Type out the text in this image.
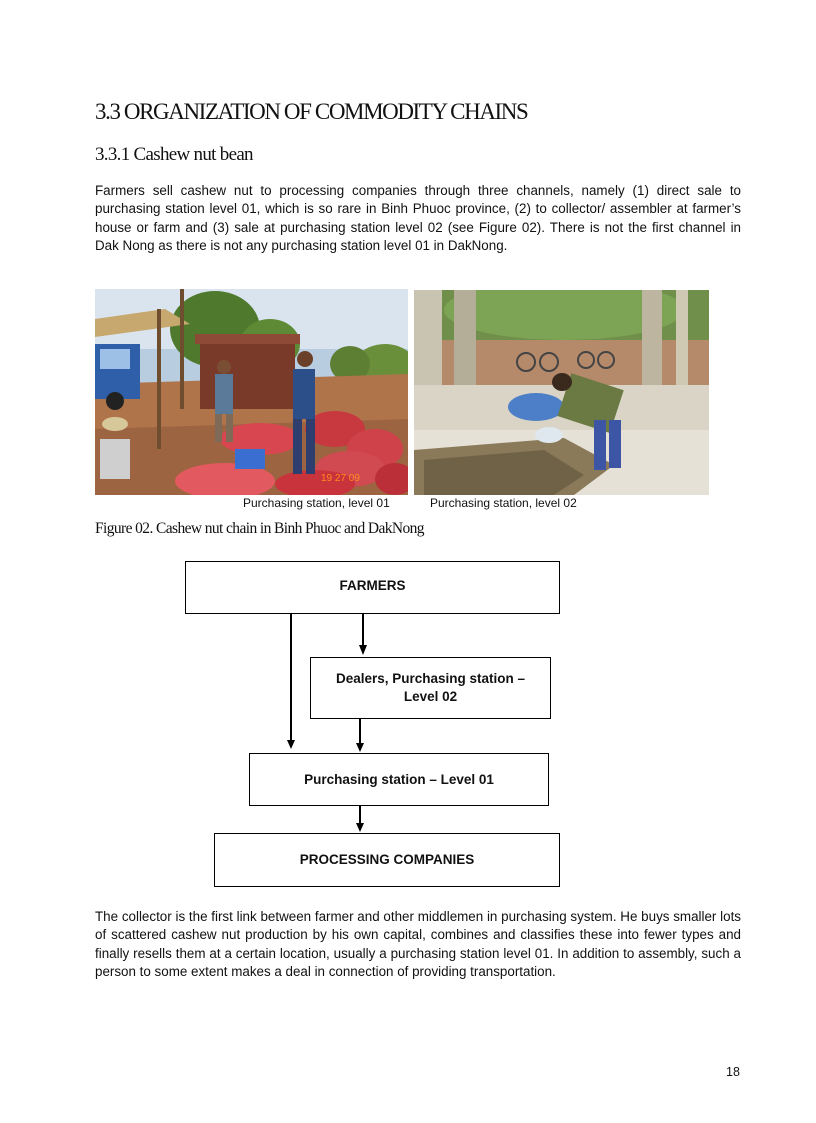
3.3 ORGANIZATION OF COMMODITY CHAINS
3.3.1 Cashew nut bean

Farmers sell cashew nut to processing companies through three channels, namely (1) direct sale to purchasing station level 01, which is so rare in Binh Phuoc province, (2) to collector/ assembler at farmer’s house or farm and (3) sale at purchasing station level 02 (see Figure 02). There is not the first channel in Dak Nong as there is not any purchasing station level 01 in DakNong.

19 27 09
Purchasing station, level 01	Purchasing station, level 02
Figure 02. Cashew nut chain in Binh Phuoc and DakNong
FARMERS
Dealers, Purchasing station – Level 02
Purchasing station – Level 01
PROCESSING COMPANIES

The collector is the first link between farmer and other middlemen in purchasing system. He buys smaller lots of scattered cashew nut production by his own capital, combines and classifies these into fewer types and finally resells them at a certain location, usually a purchasing station level 01. In addition to assembly, such a person to some extent makes a deal in connection of providing transportation.

18
